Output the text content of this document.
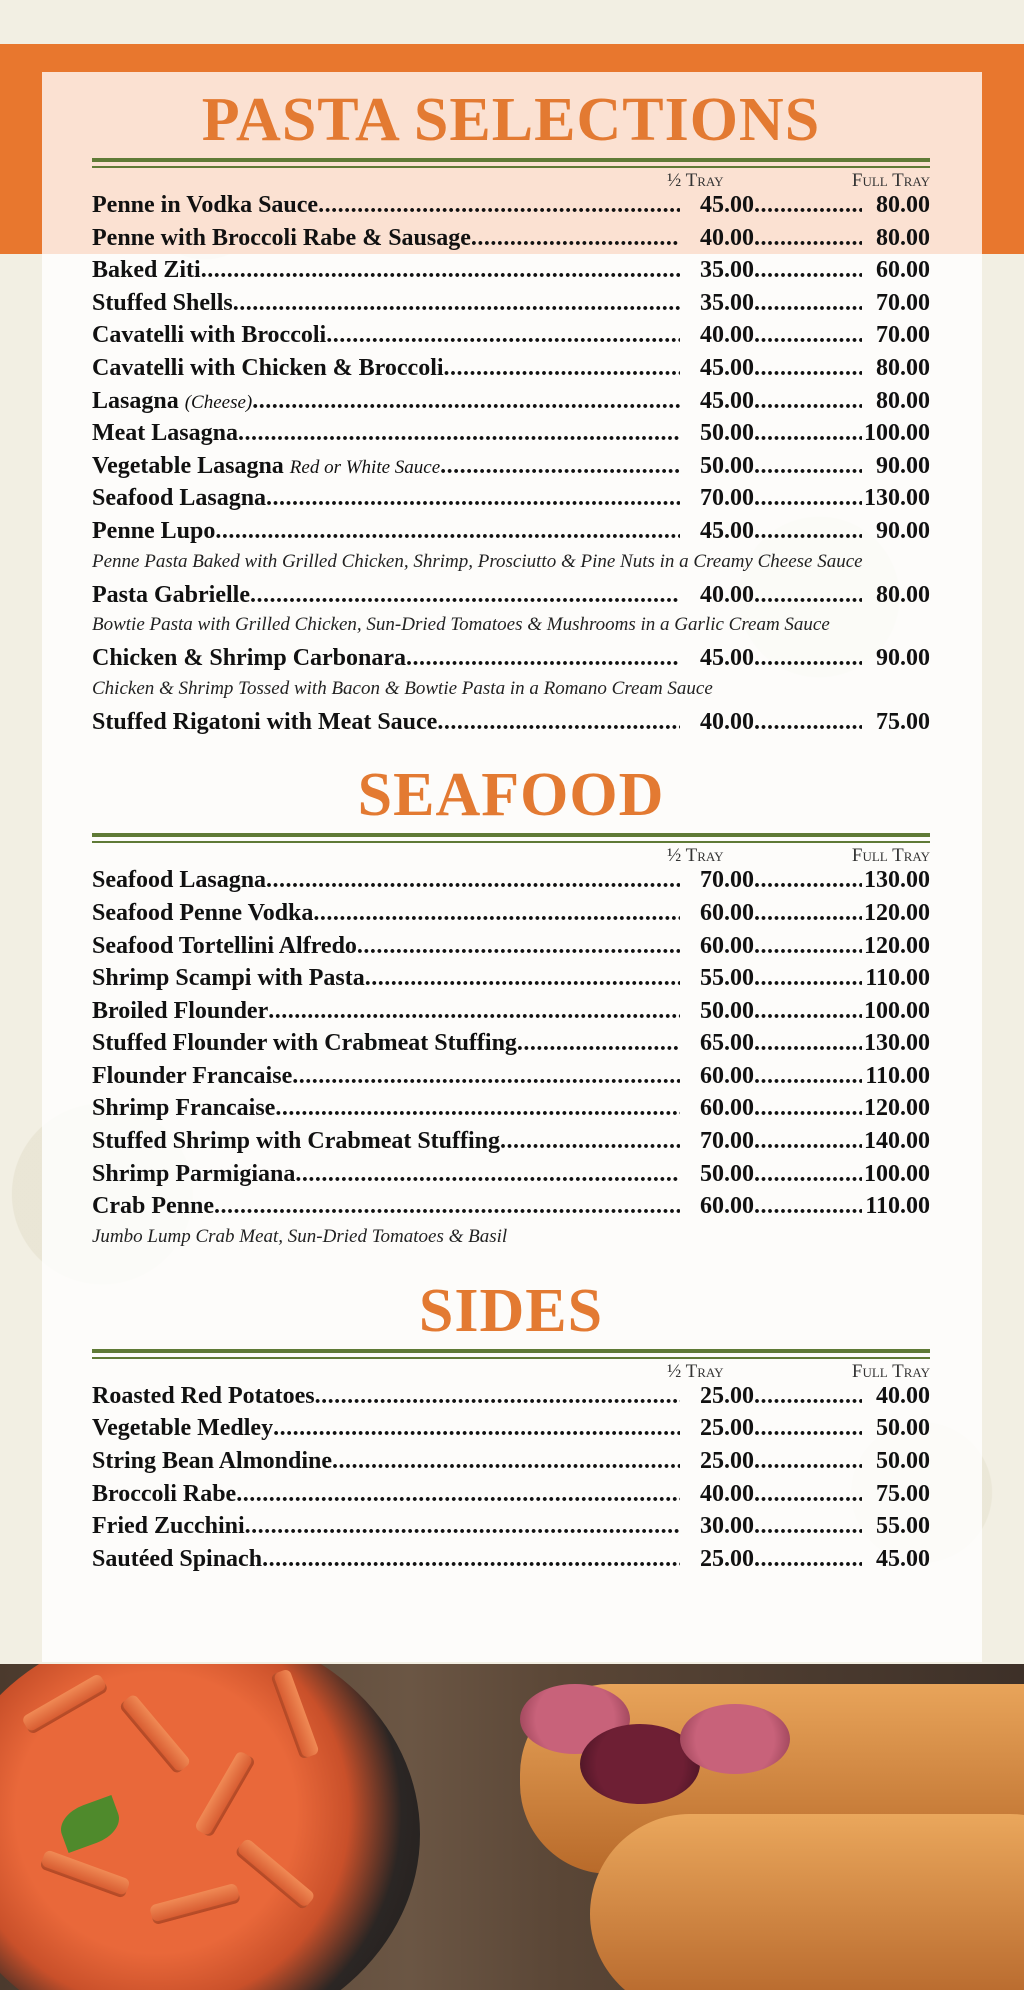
PASTA SELECTIONS
½ Tray	Full Tray
Penne in Vodka Sauce .....	45.00 .....	80.00
Penne with Broccoli Rabe & Sausage .....	40.00 .....	80.00
Baked Ziti .....	35.00 .....	60.00
Stuffed Shells .....	35.00 .....	70.00
Cavatelli with Broccoli .....	40.00 .....	70.00
Cavatelli with Chicken & Broccoli .....	45.00 .....	80.00
Lasagna (Cheese) .....	45.00 .....	80.00
Meat Lasagna .....	50.00 .....	100.00
Vegetable Lasagna Red or White Sauce .....	50.00 .....	90.00
Seafood Lasagna .....	70.00 .....	130.00
Penne Lupo .....	45.00 .....	90.00
Penne Pasta Baked with Grilled Chicken, Shrimp, Prosciutto & Pine Nuts in a Creamy Cheese Sauce
Pasta Gabrielle .....	40.00 .....	80.00
Bowtie Pasta with Grilled Chicken, Sun-Dried Tomatoes & Mushrooms in a Garlic Cream Sauce
Chicken & Shrimp Carbonara .....	45.00 .....	90.00
Chicken & Shrimp Tossed with Bacon & Bowtie Pasta in a Romano Cream Sauce
Stuffed Rigatoni with Meat Sauce .....	40.00 .....	75.00
SEAFOOD
½ Tray	Full Tray
Seafood Lasagna .....	70.00 .....	130.00
Seafood Penne Vodka .....	60.00 .....	120.00
Seafood Tortellini Alfredo .....	60.00 .....	120.00
Shrimp Scampi with Pasta .....	55.00 .....	110.00
Broiled Flounder .....	50.00 .....	100.00
Stuffed Flounder with Crabmeat Stuffing .....	65.00 .....	130.00
Flounder Francaise .....	60.00 .....	110.00
Shrimp Francaise .....	60.00 .....	120.00
Stuffed Shrimp with Crabmeat Stuffing .....	70.00 .....	140.00
Shrimp Parmigiana .....	50.00 .....	100.00
Crab Penne .....	60.00 .....	110.00
Jumbo Lump Crab Meat, Sun-Dried Tomatoes & Basil
SIDES
½ Tray	Full Tray
Roasted Red Potatoes .....	25.00 .....	40.00
Vegetable Medley .....	25.00 .....	50.00
String Bean Almondine .....	25.00 .....	50.00
Broccoli Rabe .....	40.00 .....	75.00
Fried Zucchini .....	30.00 .....	55.00
Sautéed Spinach .....	25.00 .....	45.00
